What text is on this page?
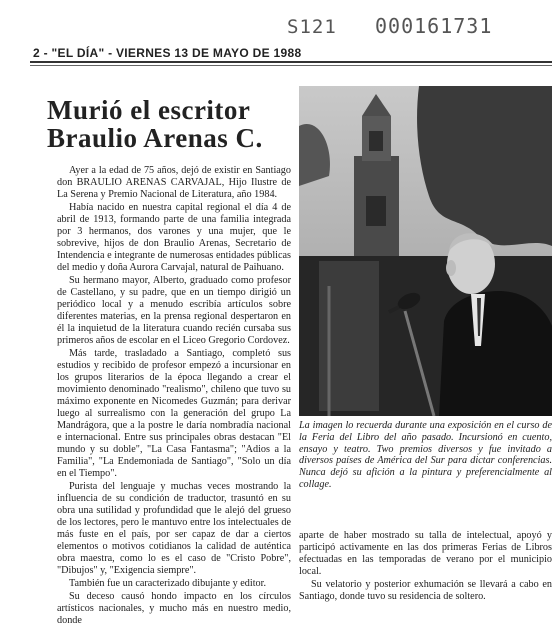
S121 000161731
2 - "EL DÍA" - VIERNES 13 DE MAYO DE 1988
Murió el escritor
Braulio Arenas C.

Ayer a la edad de 75 años, dejó de existir en Santiago don BRAULIO ARENAS CARVAJAL, Hijo Ilustre de La Serena y Premio Nacional de Literatura, año 1984.

Había nacido en nuestra capital regional el día 4 de abril de 1913, formando parte de una familia integrada por 3 hermanos, dos varones y una mujer, que le sobrevive, hijos de don Braulio Arenas, Secretario de Intendencia e integrante de numerosas entidades públicas del medio y doña Aurora Carvajal, natural de Paihuano.

Su hermano mayor, Alberto, graduado como profesor de Castellano, y su padre, que en un tiempo dirigió un periódico local y a menudo escribía artículos sobre diferentes materias, en la prensa regional despertaron en él la inquietud de la literatura cuando recién cursaba sus primeros años de escolar en el Liceo Gregorio Cordovez.

Más tarde, trasladado a Santiago, completó sus estudios y recibido de profesor empezó a incursionar en los grupos literarios de la época llegando a crear el movimiento denominado "realismo", chileno que tuvo su máximo exponente en Nicomedes Guzmán; para derivar luego al surrealismo con la generación del grupo La Mandrágora, que a la postre le daría nombradía nacional e internacional. Entre sus principales obras destacan "El mundo y su doble", "La Casa Fantasma"; "Adios a la Familia", "La Endemoniada de Santiago", "Solo un día en el Tiempo".

Purista del lenguaje y muchas veces mostrando la influencia de su condición de traductor, trasuntó en su obra una sutilidad y profundidad que le alejó del grueso de los lectores, pero le mantuvo entre los intelectuales de más fuste en el país, por ser capaz de dar a ciertos elementos o motivos cotidianos la calidad de auténtica obra maestra, como lo es el caso de "Cristo Pobre", "Dibujos" y, "Exigencia siempre".

También fue un caracterizado dibujante y editor.

Su deceso causó hondo impacto en los círculos artísticos nacionales, y mucho más en nuestro medio, donde

La imagen lo recuerda durante una exposición en el curso de la Feria del Libro del año pasado. Incursionó en cuento, ensayo y teatro. Two premios diversos y fue invitado a diversos países de América del Sur para dictar conferencias. Nunca dejó su afición a la pintura y preferencialmente al collage.

aparte de haber mostrado su talla de intelectual, apoyó y participó activamente en las dos primeras Ferias de Libros efectuadas en las temporadas de verano por el municipio local.

Su velatorio y posterior exhumación se llevará a cabo en Santiago, donde tuvo su residencia de soltero.
